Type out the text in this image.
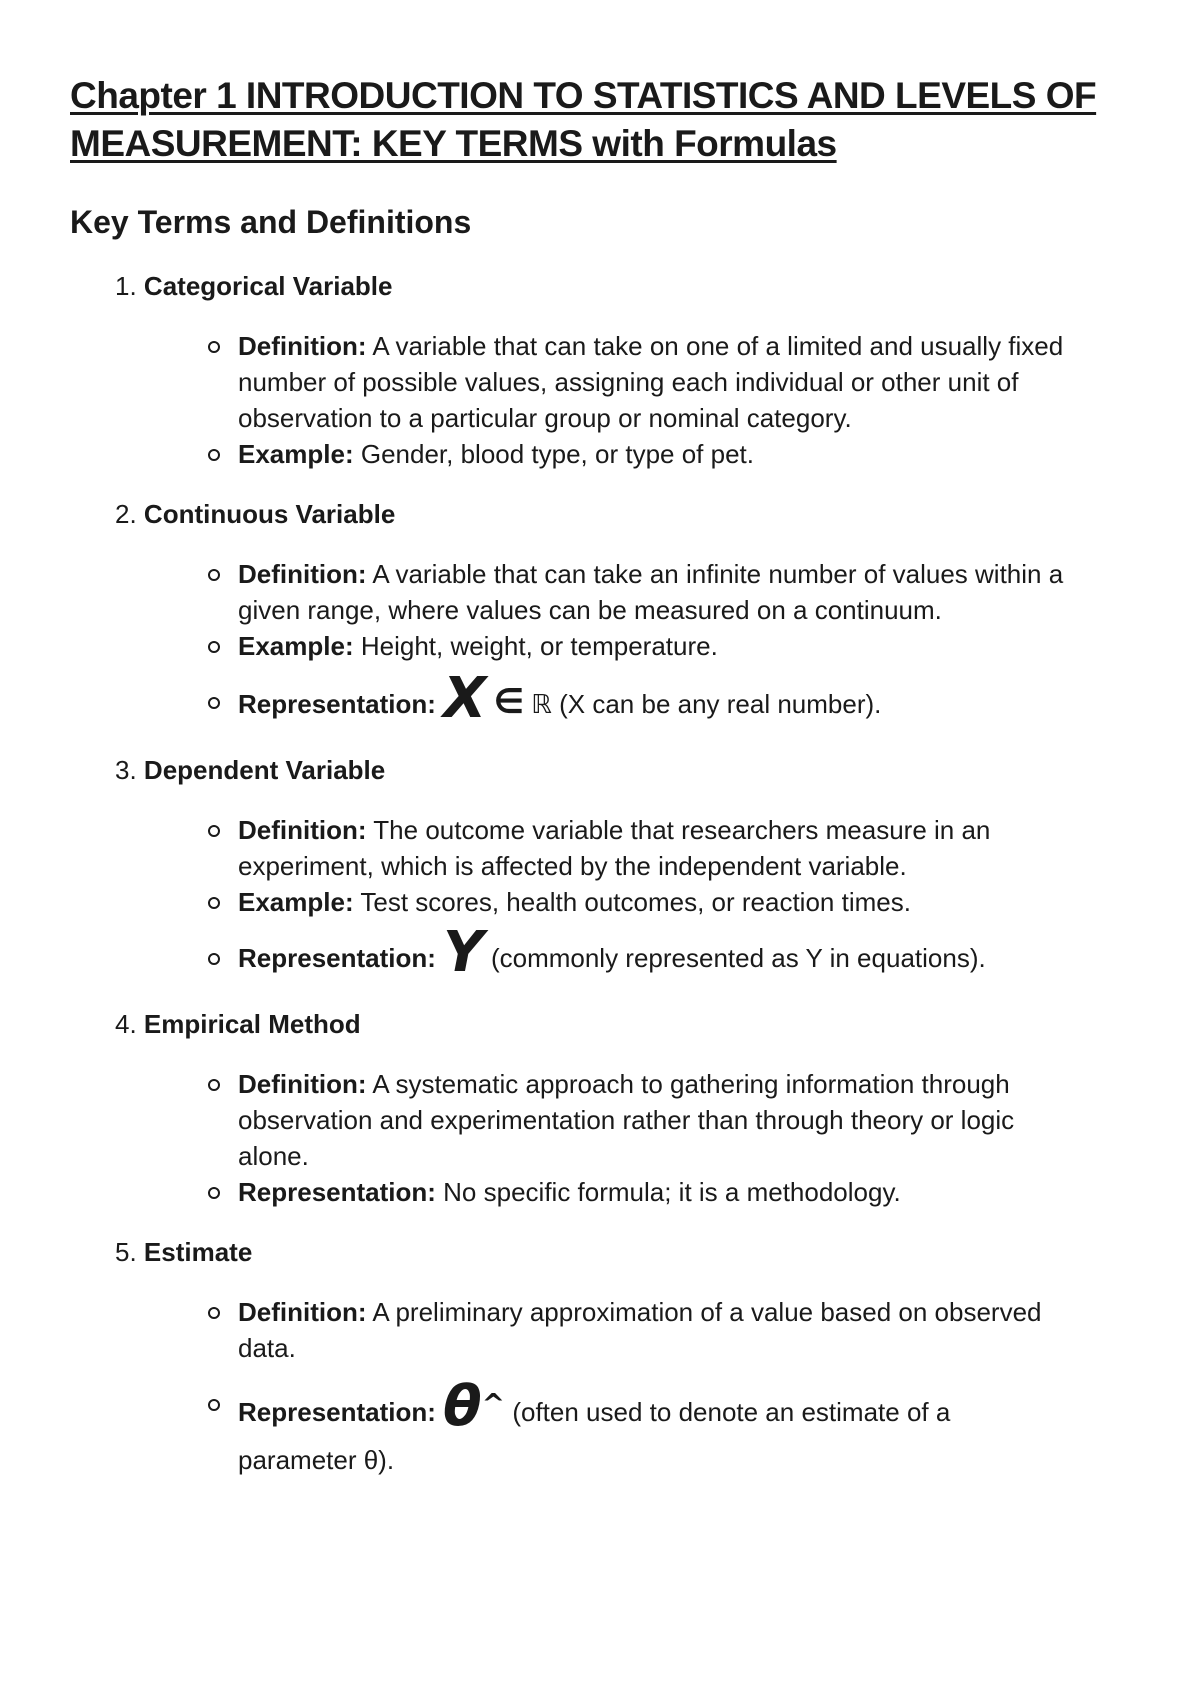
Chapter 1 INTRODUCTION TO STATISTICS AND LEVELS OF MEASUREMENT: KEY TERMS with Formulas
Key Terms and Definitions
1. Categorical Variable
Definition: A variable that can take on one of a limited and usually fixed number of possible values, assigning each individual or other unit of observation to a particular group or nominal category.
Example: Gender, blood type, or type of pet.
2. Continuous Variable
Definition: A variable that can take an infinite number of values within a given range, where values can be measured on a continuum.
Example: Height, weight, or temperature.
Representation: X ∈ ℝ (X can be any real number).
3. Dependent Variable
Definition: The outcome variable that researchers measure in an experiment, which is affected by the independent variable.
Example: Test scores, health outcomes, or reaction times.
Representation: Y (commonly represented as Y in equations).
4. Empirical Method
Definition: A systematic approach to gathering information through observation and experimentation rather than through theory or logic alone.
Representation: No specific formula; it is a methodology.
5. Estimate
Definition: A preliminary approximation of a value based on observed data.
Representation: θ^ (often used to denote an estimate of a parameter θ).
